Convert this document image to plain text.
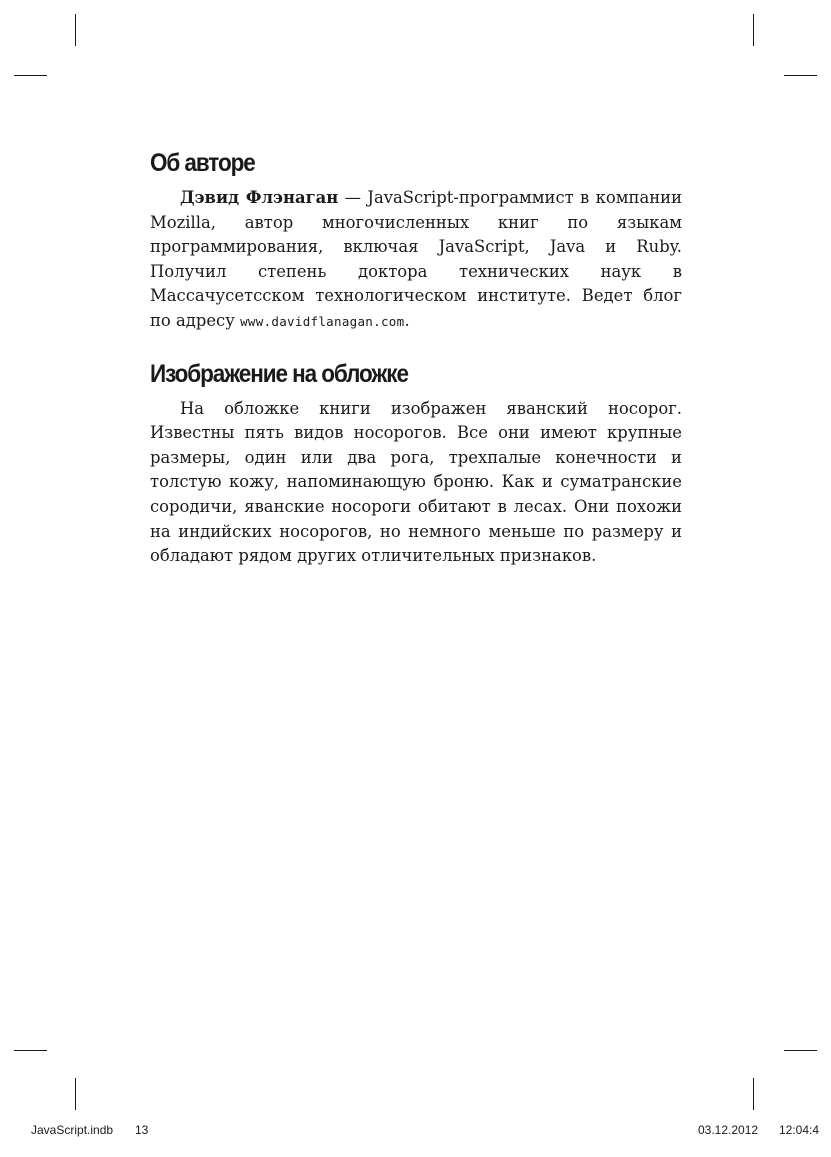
Об авторе

Дэвид Флэнаган — JavaScript-программист в компании Mozilla, автор многочисленных книг по языкам программирования, включая JavaScript, Java и Ruby. Получил степень доктора технических наук в Массачусетсском технологическом институте. Ведет блог по адресу www.davidflanagan.com.

Изображение на обложке

На обложке книги изображен яванский носорог. Известны пять видов носорогов. Все они имеют крупные размеры, один или два рога, трехпалые конечности и толстую кожу, напоминающую броню. Как и суматранские сородичи, яванские носороги обитают в лесах. Они похожи на индийских носорогов, но немного меньше по размеру и обладают рядом других отличительных признаков.

JavaScript.indb 13	03.12.2012 12:04:4
